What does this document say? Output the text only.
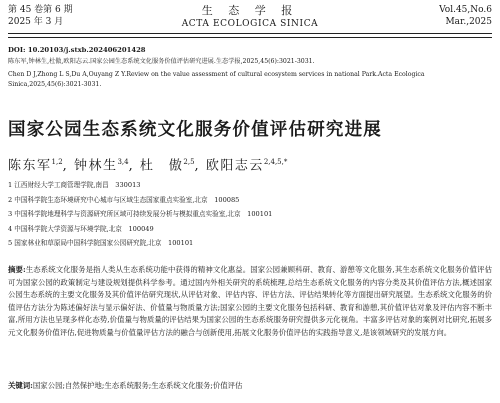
第 45 卷第 6 期
2025 年 3 月
生 态 学 报
ACTA ECOLOGICA SINICA
Vol.45,No.6
Mar.,2025
DOI: 10.20103/j.stxb.202406201428
陈东军,钟林生,杜傲,欧阳志云.国家公园生态系统文化服务价值评估研究进展.生态学报,2025,45(6):3021-3031.
Chen D J,Zhong L S,Du A,Ouyang Z Y.Review on the value assessment of cultural ecosystem services in national Park.Acta Ecologica Sinica,2025,45(6):3021-3031.
国家公园生态系统文化服务价值评估研究进展
陈东军$^{1,2}$, 钟林生$^{3,4}$, 杜　傲$^{2,5}$, 欧阳志云$^{2,4,5,*}$
1 江西财经大学工商管理学院,南昌　330013
2 中国科学院生态环境研究中心城市与区域生态国家重点实验室,北京　100085
3 中国科学院地理科学与资源研究所区域可持续发展分析与模拟重点实验室,北京　100101
4 中国科学院大学资源与环境学院,北京　100049
5 国家林业和草原局中国科学院国家公园研究院,北京　100101
摘要:生态系统文化服务是指人类从生态系统功能中获得的精神文化惠益。国家公园兼顾科研、教育、游憩等文化服务,其生态系统文化服务价值评估可为国家公园的政策制定与建设规划提供科学参考。通过国内外相关研究的系统梳理,总结生态系统文化服务的内容分类及其价值评估方法,概述国家公园生态系统的主要文化服务及其价值评估研究现状,从评估对象、评估内容、评估方法、评估结果转化等方面提出研究展望。生态系统文化服务的价值评估方法分为陈述偏好法与显示偏好法、价值量与物质量方法;国家公园的主要文化服务包括科研、教育和游憩,其价值评估对象及评估内容不断丰富,所用方法也呈现多样化态势,价值量与物质量的评估结果为国家公园的生态系统服务研究提供多元化视角。丰富多评估对象的案例对比研究,拓展多元文化服务价值评估,促进物质量与价值量评估方法的融合与创新使用,拓展文化服务价值评估的实践指导意义,是该领域研究的发展方向。
关键词:国家公园;自然保护地;生态系统服务;生态系统文化服务;价值评估
